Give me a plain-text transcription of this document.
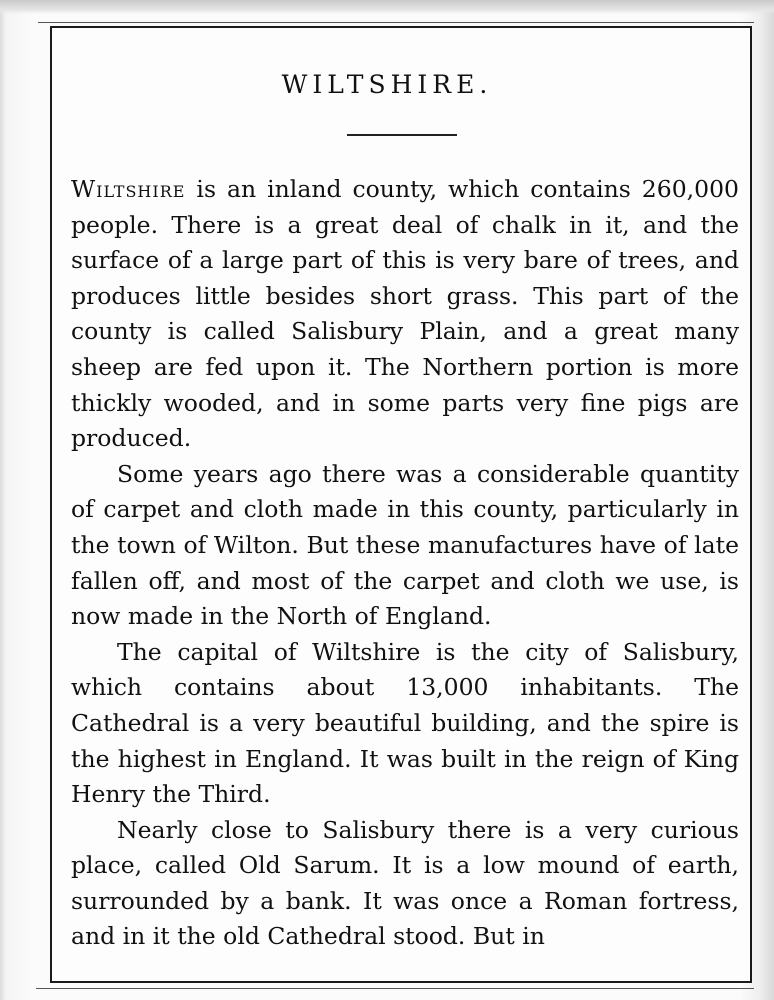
WILTSHIRE.

Wiltshire is an inland county, which contains 260,000 people. There is a great deal of chalk in it, and the surface of a large part of this is very bare of trees, and produces little besides short grass. This part of the county is called Salisbury Plain, and a great many sheep are fed upon it. The Northern portion is more thickly wooded, and in some parts very fine pigs are produced.

Some years ago there was a considerable quantity of carpet and cloth made in this county, particularly in the town of Wilton. But these manufactures have of late fallen off, and most of the carpet and cloth we use, is now made in the North of England.

The capital of Wiltshire is the city of Salisbury, which contains about 13,000 inhabitants. The Cathedral is a very beautiful building, and the spire is the highest in England. It was built in the reign of King Henry the Third.

Nearly close to Salisbury there is a very curious place, called Old Sarum. It is a low mound of earth, surrounded by a bank. It was once a Roman fortress, and in it the old Cathedral stood. But in
